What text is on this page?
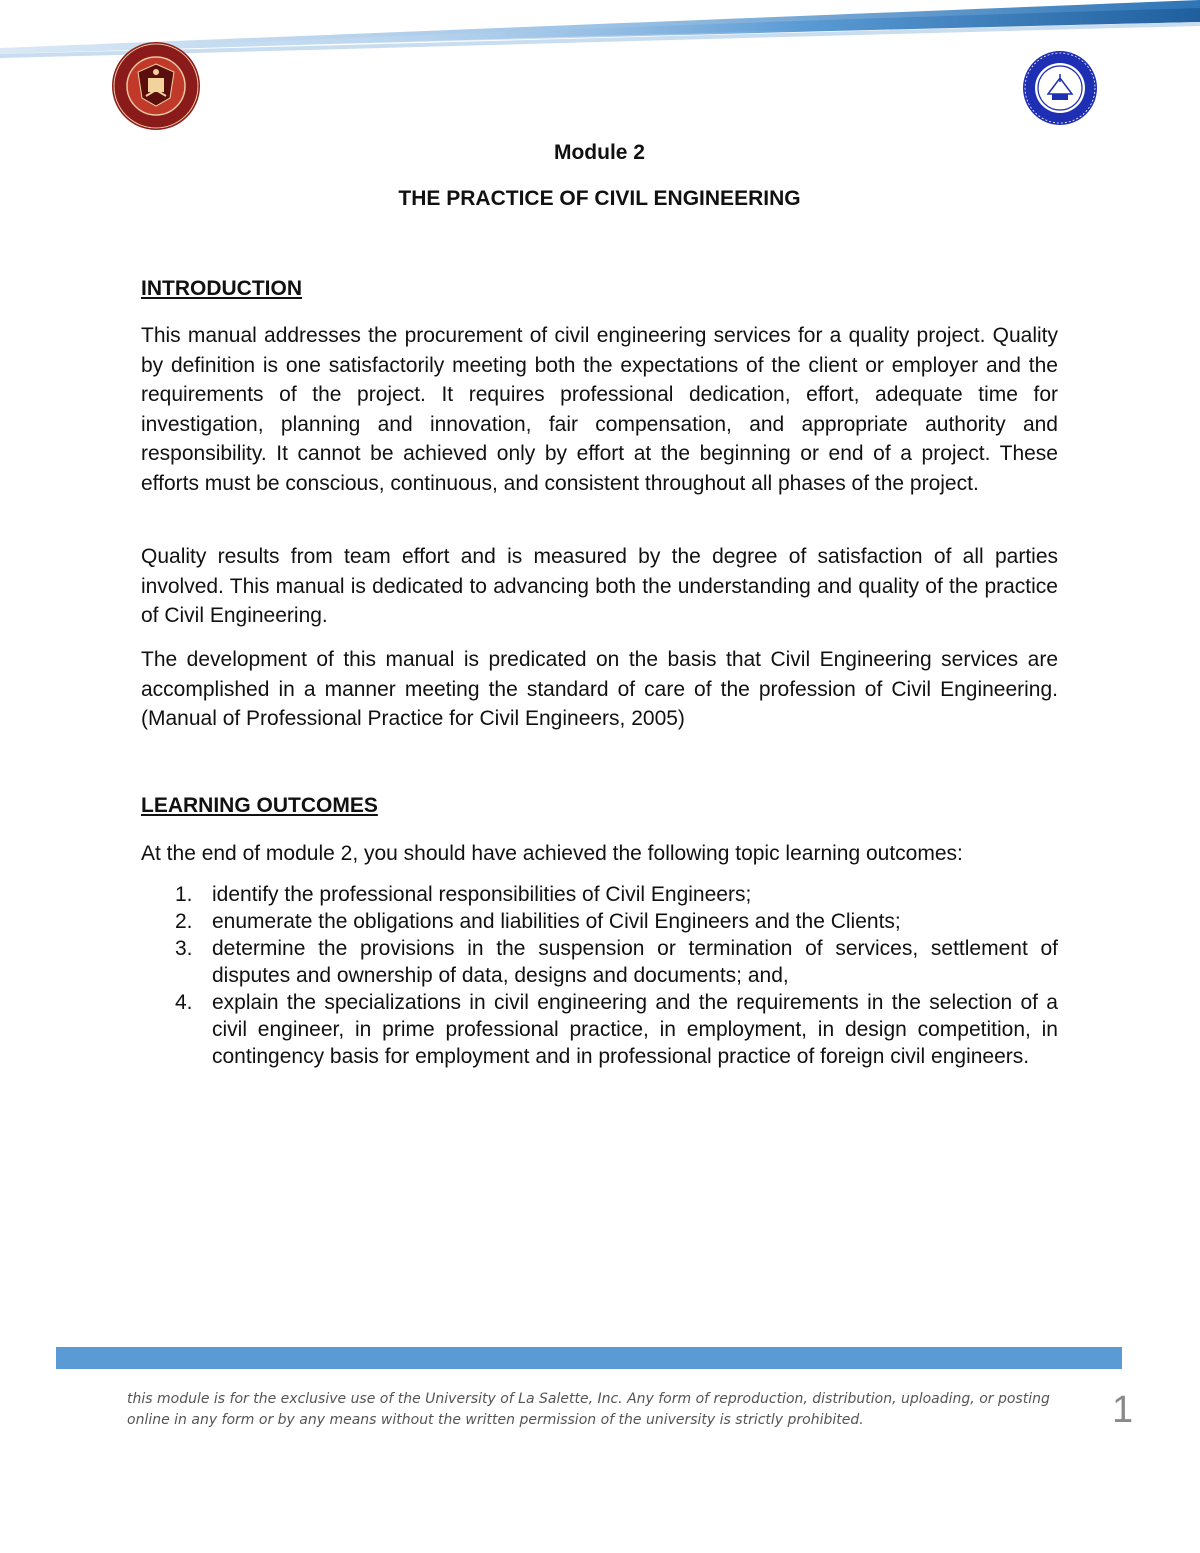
Module 2
THE PRACTICE OF CIVIL ENGINEERING
INTRODUCTION

This manual addresses the procurement of civil engineering services for a quality project. Quality by definition is one satisfactorily meeting both the expectations of the client or employer and the requirements of the project. It requires professional dedication, effort, adequate time for investigation, planning and innovation, fair compensation, and appropriate authority and responsibility. It cannot be achieved only by effort at the beginning or end of a project. These efforts must be conscious, continuous, and consistent throughout all phases of the project.

Quality results from team effort and is measured by the degree of satisfaction of all parties involved. This manual is dedicated to advancing both the understanding and quality of the practice of Civil Engineering.

The development of this manual is predicated on the basis that Civil Engineering services are accomplished in a manner meeting the standard of care of the profession of Civil Engineering. (Manual of Professional Practice for Civil Engineers, 2005)

LEARNING OUTCOMES

At the end of module 2, you should have achieved the following topic learning outcomes:

1. identify the professional responsibilities of Civil Engineers;
2. enumerate the obligations and liabilities of Civil Engineers and the Clients;
3. determine the provisions in the suspension or termination of services, settlement of disputes and ownership of data, designs and documents; and,
4. explain the specializations in civil engineering and the requirements in the selection of a civil engineer, in prime professional practice, in employment, in design competition, in contingency basis for employment and in professional practice of foreign civil engineers.
this module is for the exclusive use of the University of La Salette, Inc. Any form of reproduction, distribution, uploading, or posting online in any form or by any means without the written permission of the university is strictly prohibited.	1
